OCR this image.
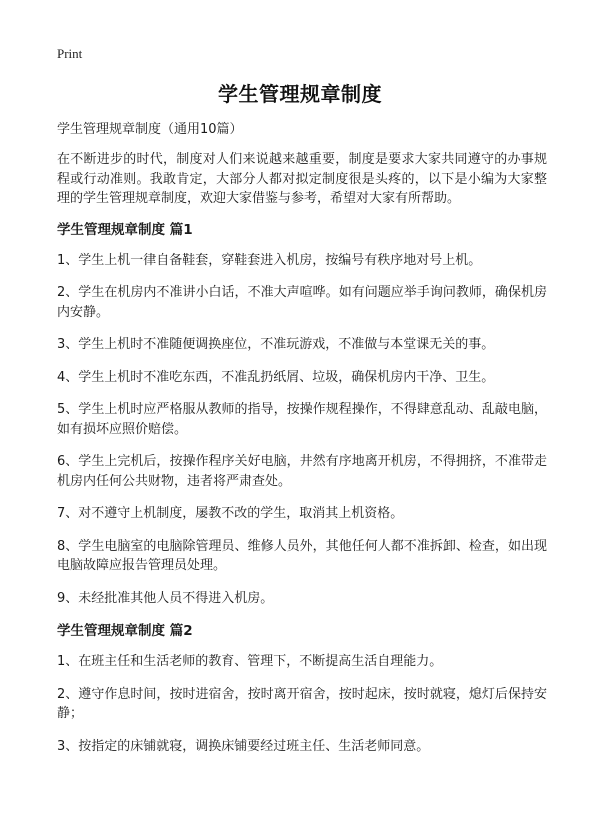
Print
学生管理规章制度
学生管理规章制度（通用10篇）
在不断进步的时代，制度对人们来说越来越重要，制度是要求大家共同遵守的办事规程或行动准则。我敢肯定，大部分人都对拟定制度很是头疼的，以下是小编为大家整理的学生管理规章制度，欢迎大家借鉴与参考，希望对大家有所帮助。
学生管理规章制度 篇1
1、学生上机一律自备鞋套，穿鞋套进入机房，按编号有秩序地对号上机。
2、学生在机房内不准讲小白话，不准大声喧哗。如有问题应举手询问教师，确保机房内安静。
3、学生上机时不准随便调换座位，不准玩游戏，不准做与本堂课无关的事。
4、学生上机时不准吃东西，不准乱扔纸屑、垃圾，确保机房内干净、卫生。
5、学生上机时应严格服从教师的指导，按操作规程操作，不得肆意乱动、乱敲电脑，如有损坏应照价赔偿。
6、学生上完机后，按操作程序关好电脑，井然有序地离开机房，不得拥挤，不准带走机房内任何公共财物，违者将严肃查处。
7、对不遵守上机制度，屡教不改的学生，取消其上机资格。
8、学生电脑室的电脑除管理员、维修人员外，其他任何人都不准拆卸、检查，如出现电脑故障应报告管理员处理。
9、未经批准其他人员不得进入机房。
学生管理规章制度 篇2
1、在班主任和生活老师的教育、管理下，不断提高生活自理能力。
2、遵守作息时间，按时进宿舍，按时离开宿舍，按时起床，按时就寝，熄灯后保持安静；
3、按指定的床铺就寝，调换床铺要经过班主任、生活老师同意。
